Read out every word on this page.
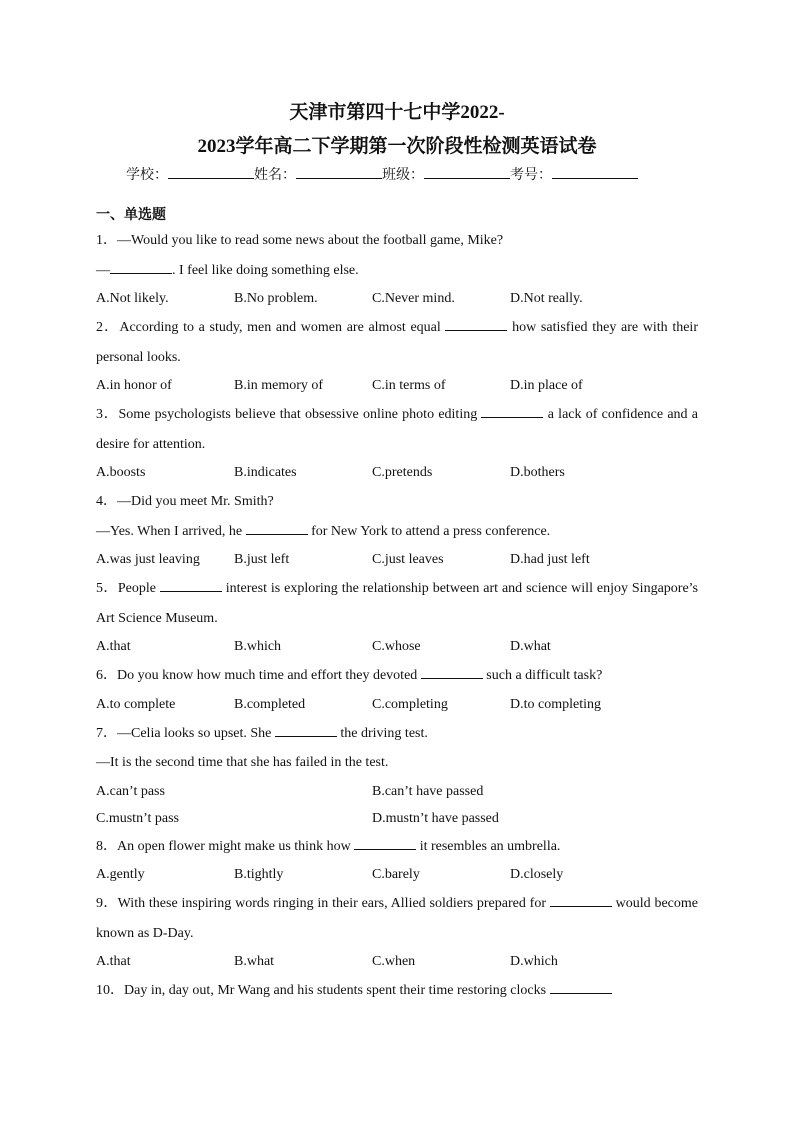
天津市第四十七中学2022-
2023学年高二下学期第一次阶段性检测英语试卷
学校：	姓名：	班级：	考号：
一、单选题
1．—Would you like to read some news about the football game, Mike?
—	. I feel like doing something else.
A.Not likely.	B.No problem.	C.Never mind.	D.Not really.
2．According to a study, men and women are almost equal	how satisfied they are with their personal looks.
A.in honor of	B.in memory of	C.in terms of	D.in place of
3．Some psychologists believe that obsessive online photo editing	a lack of confidence and a desire for attention.
A.boosts	B.indicates	C.pretends	D.bothers
4．—Did you meet Mr. Smith?
—Yes. When I arrived, he	for New York to attend a press conference.
A.was just leaving	B.just left	C.just leaves	D.had just left
5．People	interest is exploring the relationship between art and science will enjoy Singapore’s Art Science Museum.
A.that	B.which	C.whose	D.what
6．Do you know how much time and effort they devoted	such a difficult task?
A.to complete	B.completed	C.completing	D.to completing
7．—Celia looks so upset. She	the driving test.
—It is the second time that she has failed in the test.
A.can’t pass	B.can’t have passed
C.mustn’t pass	D.mustn’t have passed
8．An open flower might make us think how	it resembles an umbrella.
A.gently	B.tightly	C.barely	D.closely
9．With these inspiring words ringing in their ears, Allied soldiers prepared for	would become known as D-Day.
A.that	B.what	C.when	D.which
10．Day in, day out, Mr Wang and his students spent their time restoring clocks
